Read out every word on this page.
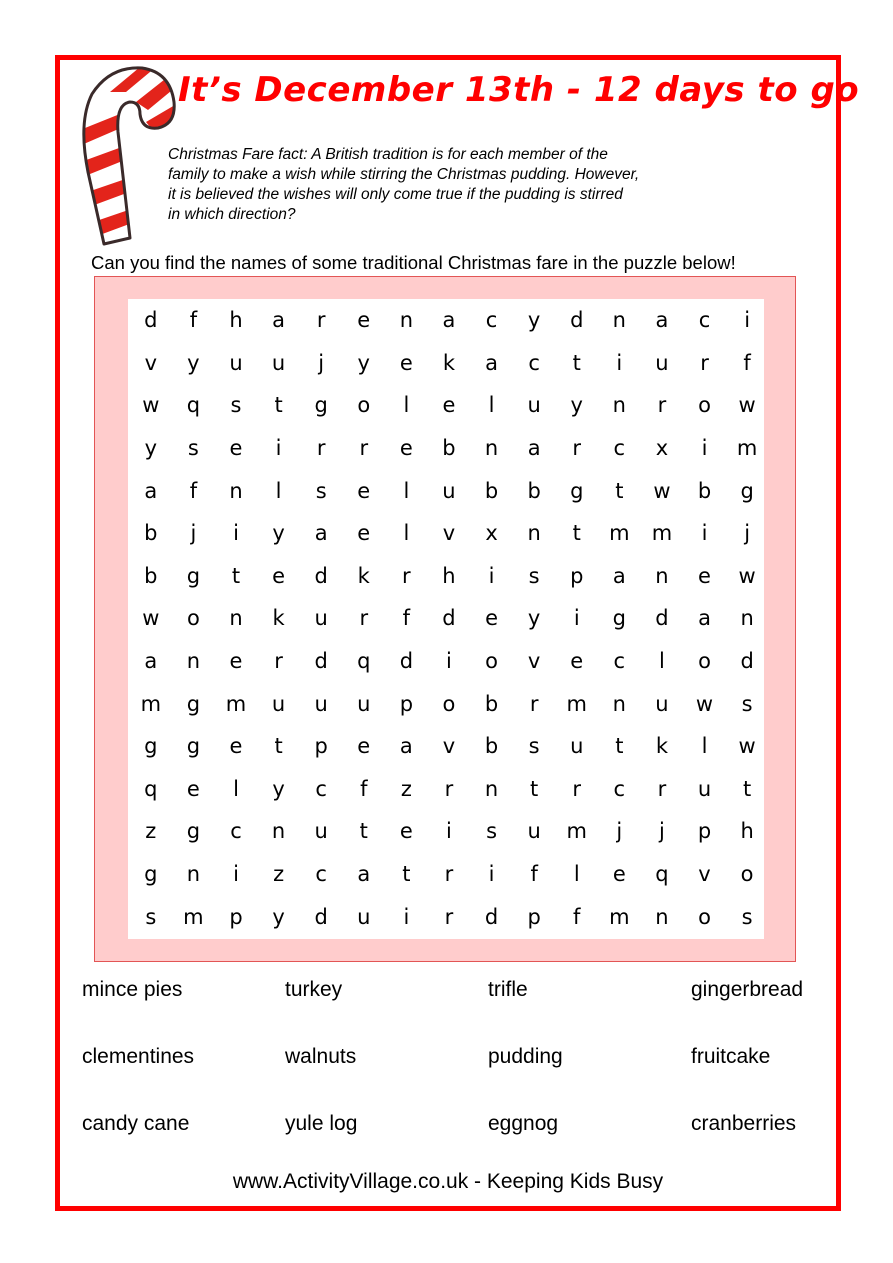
It’s December 13th - 12 days to go
Christmas Fare fact: A British tradition is for each member of the
family to make a wish while stirring the Christmas pudding. However,
it is believed the wishes will only come true if the pudding is stirred
in which direction?
Can you find the names of some traditional Christmas fare in the puzzle below!
d	f	h	a	r	e	n	a	c	y	d	n	a	c	i
v	y	u	u	j	y	e	k	a	c	t	i	u	r	f
w	q	s	t	g	o	l	e	l	u	y	n	r	o	w
y	s	e	i	r	r	e	b	n	a	r	c	x	i	m
a	f	n	l	s	e	l	u	b	b	g	t	w	b	g
b	j	i	y	a	e	l	v	x	n	t	m	m	i	j
b	g	t	e	d	k	r	h	i	s	p	a	n	e	w
w	o	n	k	u	r	f	d	e	y	i	g	d	a	n
a	n	e	r	d	q	d	i	o	v	e	c	l	o	d
m	g	m	u	u	u	p	o	b	r	m	n	u	w	s
g	g	e	t	p	e	a	v	b	s	u	t	k	l	w
q	e	l	y	c	f	z	r	n	t	r	c	r	u	t
z	g	c	n	u	t	e	i	s	u	m	j	j	p	h
g	n	i	z	c	a	t	r	i	f	l	e	q	v	o
s	m	p	y	d	u	i	r	d	p	f	m	n	o	s
mince pies	turkey	trifle	gingerbread
clementines	walnuts	pudding	fruitcake
candy cane	yule log	eggnog	cranberries
www.ActivityVillage.co.uk - Keeping Kids Busy
